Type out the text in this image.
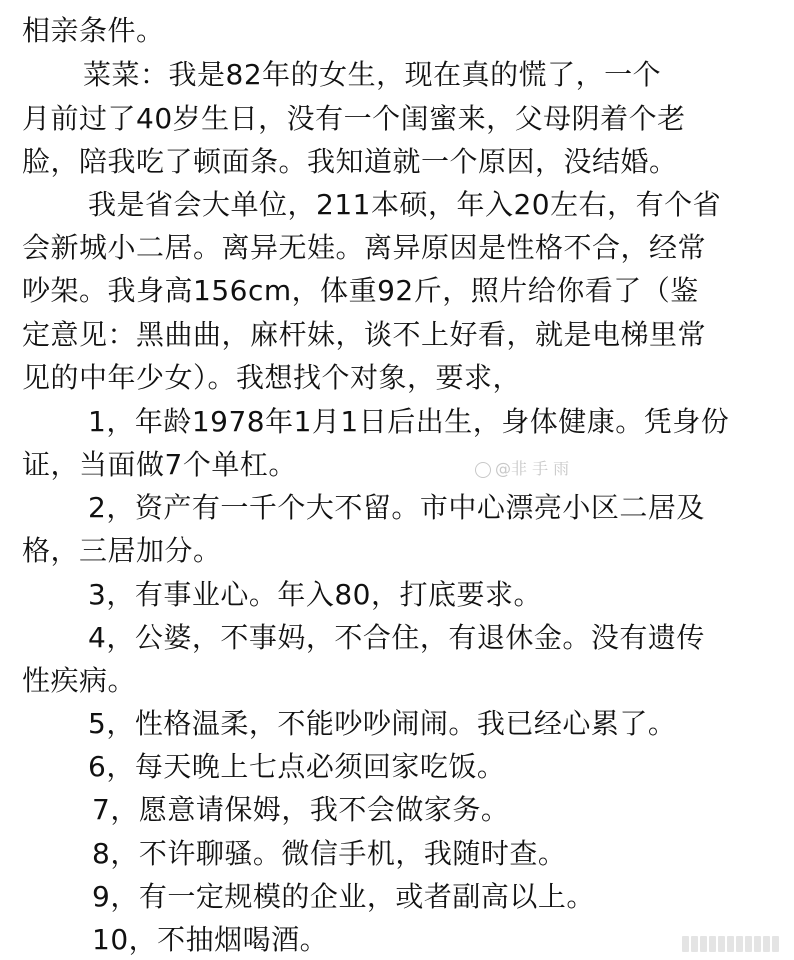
相亲条件。
菜菜：我是82年的女生，现在真的慌了，一个
月前过了40岁生日，没有一个闺蜜来，父母阴着个老
脸，陪我吃了顿面条。我知道就一个原因，没结婚。
我是省会大单位，211本硕，年入20左右，有个省
会新城小二居。离异无娃。离异原因是性格不合，经常
吵架。我身高156cm，体重92斤，照片给你看了（鉴
定意见：黑曲曲，麻杆妹，谈不上好看，就是电梯里常
见的中年少女）。我想找个对象，要求，
1，年龄1978年1月1日后出生，身体健康。凭身份
证，当面做7个单杠。
2，资产有一千个大不留。市中心漂亮小区二居及
格，三居加分。
3，有事业心。年入80，打底要求。
4，公婆，不事妈，不合住，有退休金。没有遗传
性疾病。
5，性格温柔，不能吵吵闹闹。我已经心累了。
6，每天晚上七点必须回家吃饭。
7，愿意请保姆，我不会做家务。
8，不许聊骚。微信手机，我随时查。
9，有一定规模的企业，或者副高以上。
10，不抽烟喝酒。
@非 手 雨
